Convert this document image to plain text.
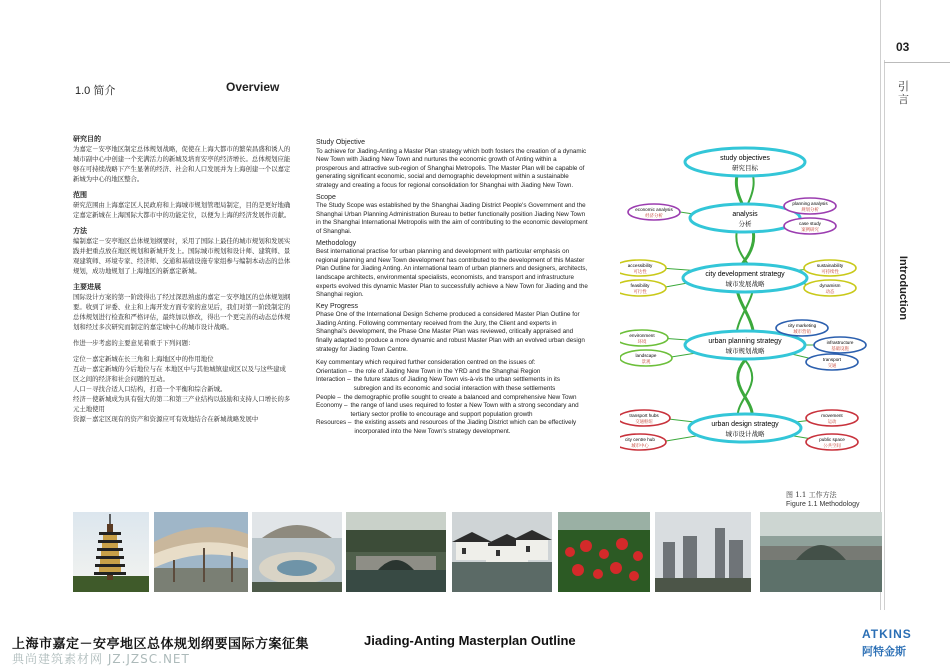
03
引言
Introduction
1.0 简介	Overview
研究目的

为嘉定－安亭地区制定总体规划战略，促使在上海大都市的繁荣昌盛和诱人的城市副中心中创建一个充满活力的新城及培育安亭的经济增长。总体规划应能够在可持续战略下产生显著的经济、社会和人口发展并为上海创建一个以嘉定新城为中心的地区整合。

范围

研究范围由上海嘉定区人民政府和上海城市规划管理局制定，目的是更好地确定嘉定新城在上海国际大都市中的功能定位，以便为上海的经济发展作贡献。

方法

编制嘉定－安亭地区总体规划纲要时，采用了国际上最佳的城市规划和发展实践并把重点放在地区规划和新城开发上。国际城市规划和设计师、建筑师、景观建筑师、环境专家、经济师、交通和基础设施专家组参与编制本动态的总体规划，成功地规划了上海地区的新嘉定新城。

主要进展

国际设计方案的第一阶段得出了经过深思熟虑的嘉定－安亭地区的总体规划纲要。收到了评委、业主和上海开发方面专家的意见后，我们对第一阶段制定的总体规划进行检查和严格评估，最终加以修改，得出一个更完善的动态总体规划和经过多次研究而制定的嘉定城中心的城市设计战略。

作进一步考虑的主要意见着重于下列问题：

定位－嘉定新城在长三角和上海地区中的作用地位

互动－嘉定新城的今后地位与在 本地区中与其他城镇建成区以及与这些建成区之间的经济和社会问题的互动。

人口－寻找合适人口结构，打造一个平衡和综合新城。

经济－使新城成为具有强大的第二和第三产业结构以鼓励和支持人口增长的多元土地使用

资源－嘉定区现有的资产和资源应可有效地结合在新城战略发展中

Study Objective

To achieve for Jiading-Anting a Master Plan strategy which both fosters the creation of a dynamic New Town with Jiading New Town and nurtures the economic growth of Anting within a prosperous and attractive sub-region of Shanghai Metropolis. The Master Plan will be capable of generating significant economic, social and demographic development within a sustainable strategy and creating a focus for regional consolidation for Shanghai with Jiading New Town.

Scope

The Study Scope was established by the Shanghai Jiading District People's Government and the Shanghai Urban Planning Administration Bureau to better functionally position Jiading New Town in the Shanghai International Metropolis with the aim of contributing to the economic development of Shanghai.

Methodology

Best international practise for urban planning and development with particular emphasis on regional planning and New Town development has contributed to the development of this Master Plan Outline for Jiading Anting. An international team of urban planners and designers, architects, landscape architects, environmental specialists, economists, and transport and infrastructure experts evolved this dynamic Master Plan to successfully achieve a New Town for Jiading and the Shanghai region.

Key Progress

Phase One of the International Design Scheme produced a considered Master Plan Outline for Jiading Anting. Following commentary received from the Jury, the Client and experts in Shanghai's development, the Phase One Master Plan was reviewed, critically appraised and finally adapted to produce a more dynamic and robust Master Plan with an evolved urban design strategy for Jiading Town Centre.

Key commentary which required further consideration centred on the issues of:

Orientation – the role of Jiading New Town in the YRD and the Shanghai Region
Interaction – the future status of Jiading New Town vis-à-vis the urban settlements in its subregion and its economic and social interaction with these settlements
People – the demographic profile sought to create a balanced and comprehensive New Town
Economy – the range of land uses required to foster a New Town with a strong secondary and tertiary sector profile to encourage and support population growth
Resources – the existing assets and resources of the Jiading District which can be effectively incorporated into the New Town's strategy development.
study objectives
研究目标
analysis
分析
city development strategy
城市发展战略
urban planning strategy
城市规划战略
urban design strategy
城市设计战略
economic analysis
经济分析
planning analysis
规划分析
case study
案例研究
accessibility
可达性
feasibility
可行性
sustainability
可持续性
dynamism
动态
environment
环境
landscape
景观
city marketing
城市营销
infrastructure
基础设施
transport
交通
transport hubs
交通枢纽
city centre hub
城市中心
movement
运动
public space
公共空间
图 1.1 工作方法
Figure 1.1 Methodology
上海市嘉定－安亭地区总体规划纲要国际方案征集	Jiading-Anting Masterplan Outline	ATKINS
阿特金斯
典尚建筑素材网 JZ.JZSC.NET
